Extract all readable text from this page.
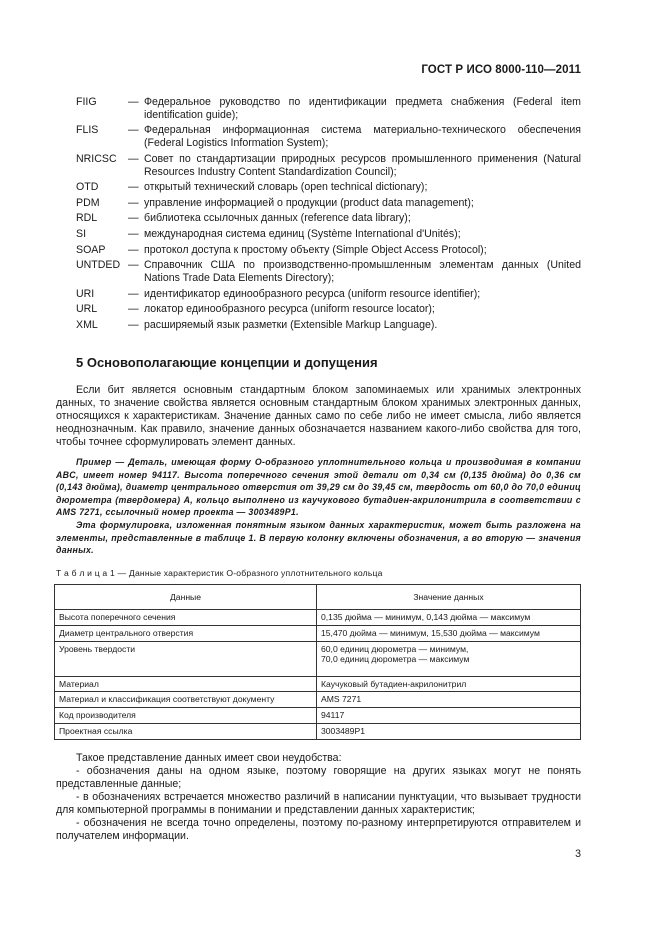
ГОСТ Р ИСО 8000-110—2011
FIIG	— Федеральное руководство по идентификации предмета снабжения (Federal item identification guide);
FLIS	— Федеральная информационная система материально-технического обеспечения (Federal Logistics Information System);
NRICSC	— Совет по стандартизации природных ресурсов промышленного применения (Natural Resources Industry Content Standardization Council);
OTD	— открытый технический словарь (open technical dictionary);
PDM	— управление информацией о продукции (product data management);
RDL	— библиотека ссылочных данных (reference data library);
SI	— международная система единиц (Système International d'Unités);
SOAP	— протокол доступа к простому объекту (Simple Object Access Protocol);
UNTDED — Справочник США по производственно-промышленным элементам данных (United Nations Trade Data Elements Directory);
URI	— идентификатор единообразного ресурса (uniform resource identifier);
URL	— локатор единообразного ресурса (uniform resource locator);
XML	— расширяемый язык разметки (Extensible Markup Language).
5 Основополагающие концепции и допущения

Если бит является основным стандартным блоком запоминаемых или хранимых электронных данных, то значение свойства является основным стандартным блоком хранимых электронных данных, относящихся к характеристикам. Значение данных само по себе либо не имеет смысла, либо является неоднозначным. Как правило, значение данных обозначается названием какого-либо свойства для того, чтобы точнее сформулировать элемент данных.

Пример — Деталь, имеющая форму О-образного уплотнительного кольца и производимая в компании ABC, имеет номер 94117. Высота поперечного сечения этой детали от 0,34 см (0,135 дюйма) до 0,36 см (0,143 дюйма), диаметр центрального отверстия от 39,29 см до 39,45 см, твердость от 60,0 до 70,0 единиц дюрометра (твердомера) А, кольцо выполнено из каучукового бутадиен-акрилонитрила в соответствии с AMS 7271, ссылочный номер проекта — 3003489P1.

Эта формулировка, изложенная понятным языком данных характеристик, может быть разложена на элементы, представленные в таблице 1. В первую колонку включены обозначения, а во вторую — значения данных.

Т а б л и ц а 1 — Данные характеристик О-образного уплотнительного кольца
Данные	Значение данных
Высота поперечного сечения	0,135 дюйма — минимум, 0,143 дюйма — максимум
Диаметр центрального отверстия	15,470 дюйма — минимум, 15,530 дюйма — максимум
Уровень твердости	60,0 единиц дюрометра — минимум,
70,0 единиц дюрометра — максимум

Материал	Каучуковый бутадиен-акрилонитрил
Материал и классификация соответствуют документу	AMS 7271
Код производителя	94117
Проектная ссылка	3003489P1

Такое представление данных имеет свои неудобства:

- обозначения даны на одном языке, поэтому говорящие на других языках могут не понять представленные данные;

- в обозначениях встречается множество различий в написании пунктуации, что вызывает трудности для компьютерной программы в понимании и представлении данных характеристик;

- обозначения не всегда точно определены, поэтому по-разному интерпретируются отправителем и получателем информации.

3
